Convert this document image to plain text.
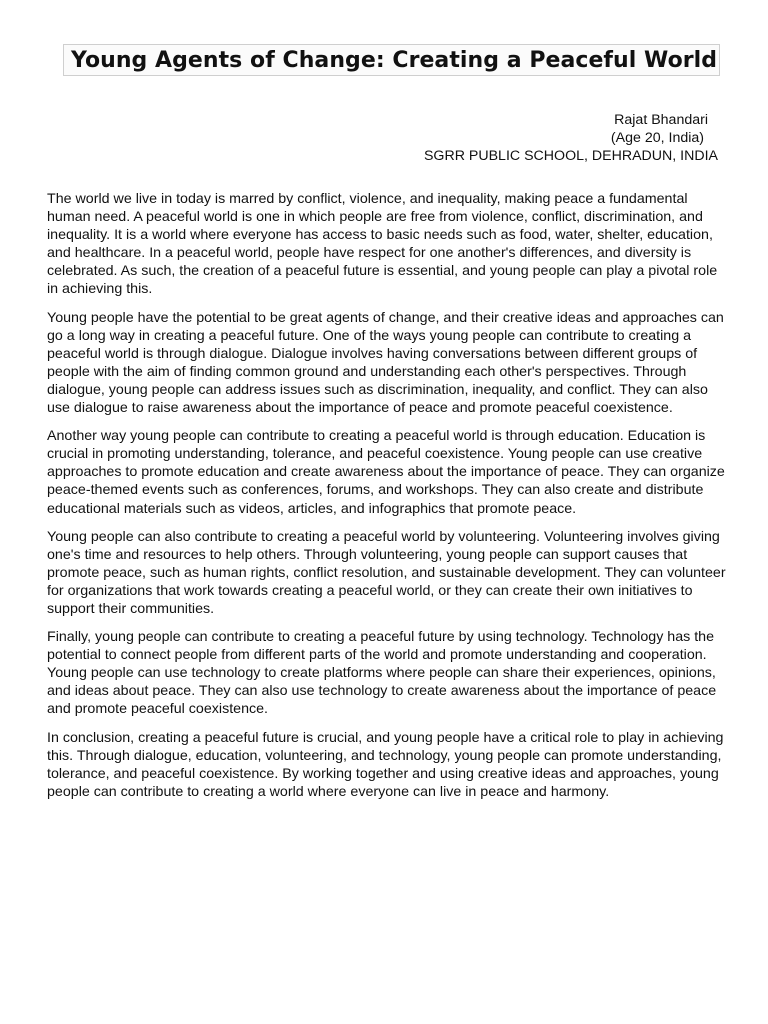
Young Agents of Change: Creating a Peaceful World
Rajat Bhandari
(Age 20, India)
SGRR PUBLIC SCHOOL, DEHRADUN, INDIA

The world we live in today is marred by conflict, violence, and inequality, making peace a fundamental human need. A peaceful world is one in which people are free from violence, conflict, discrimination, and inequality. It is a world where everyone has access to basic needs such as food, water, shelter, education, and healthcare. In a peaceful world, people have respect for one another's differences, and diversity is celebrated. As such, the creation of a peaceful future is essential, and young people can play a pivotal role in achieving this.

Young people have the potential to be great agents of change, and their creative ideas and approaches can go a long way in creating a peaceful future. One of the ways young people can contribute to creating a peaceful world is through dialogue. Dialogue involves having conversations between different groups of people with the aim of finding common ground and understanding each other's perspectives. Through dialogue, young people can address issues such as discrimination, inequality, and conflict. They can also use dialogue to raise awareness about the importance of peace and promote peaceful coexistence.

Another way young people can contribute to creating a peaceful world is through education. Education is crucial in promoting understanding, tolerance, and peaceful coexistence. Young people can use creative approaches to promote education and create awareness about the importance of peace. They can organize peace-themed events such as conferences, forums, and workshops. They can also create and distribute educational materials such as videos, articles, and infographics that promote peace.

Young people can also contribute to creating a peaceful world by volunteering. Volunteering involves giving one's time and resources to help others. Through volunteering, young people can support causes that promote peace, such as human rights, conflict resolution, and sustainable development. They can volunteer for organizations that work towards creating a peaceful world, or they can create their own initiatives to support their communities.

Finally, young people can contribute to creating a peaceful future by using technology. Technology has the potential to connect people from different parts of the world and promote understanding and cooperation. Young people can use technology to create platforms where people can share their experiences, opinions, and ideas about peace. They can also use technology to create awareness about the importance of peace and promote peaceful coexistence.

In conclusion, creating a peaceful future is crucial, and young people have a critical role to play in achieving this. Through dialogue, education, volunteering, and technology, young people can promote understanding, tolerance, and peaceful coexistence. By working together and using creative ideas and approaches, young people can contribute to creating a world where everyone can live in peace and harmony.
